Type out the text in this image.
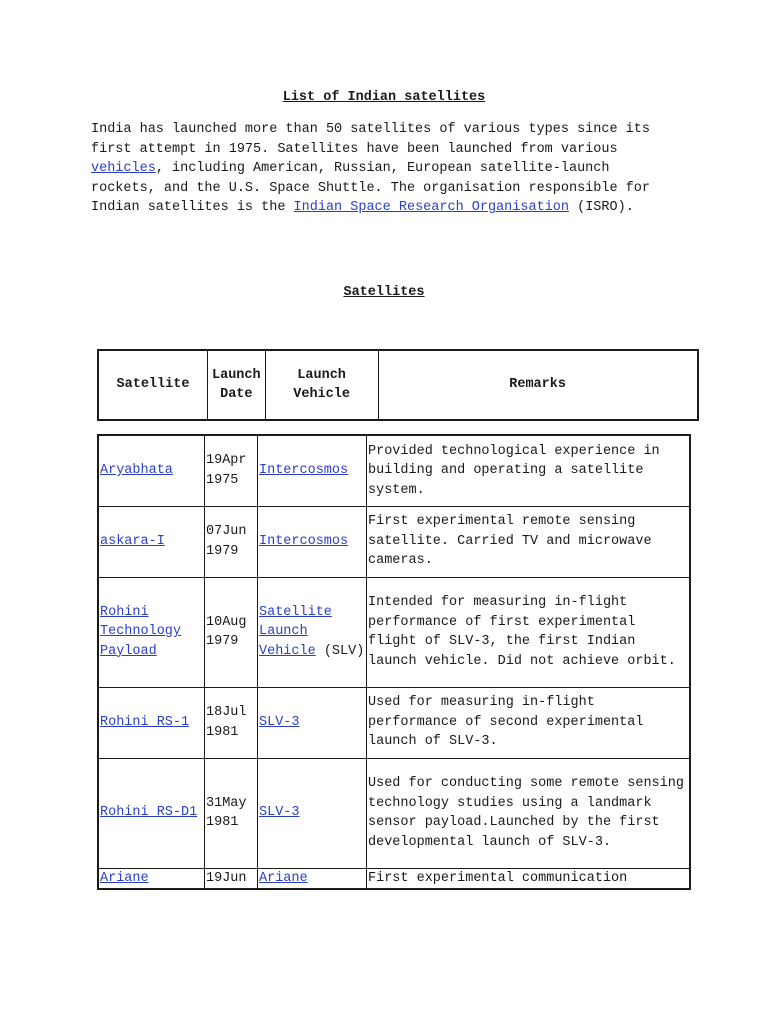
List of Indian satellites

India has launched more than 50 satellites of various types since its first attempt in 1975. Satellites have been launched from various vehicles, including American, Russian, European satellite-launch rockets, and the U.S. Space Shuttle. The organisation responsible for Indian satellites is the Indian Space Research Organisation (ISRO).

Satellites
Satellite	Launch Date	Launch Vehicle	Remarks
Aryabhata	19Apr 1975	Intercosmos	Provided technological experience in building and operating a satellite system.
askara-I	07Jun 1979	Intercosmos	First experimental remote sensing satellite. Carried TV and microwave cameras.
Rohini Technology Payload	10Aug 1979	Satellite Launch Vehicle (SLV)	Intended for measuring in-flight performance of first experimental flight of SLV-3, the first Indian launch vehicle. Did not achieve orbit.
Rohini RS-1	18Jul 1981	SLV-3	Used for measuring in-flight performance of second experimental launch of SLV-3.
Rohini RS-D1	31May 1981	SLV-3	Used for conducting some remote sensing technology studies using a landmark sensor payload.Launched by the first developmental launch of SLV-3.
Ariane	19Jun	Ariane	First experimental communication
